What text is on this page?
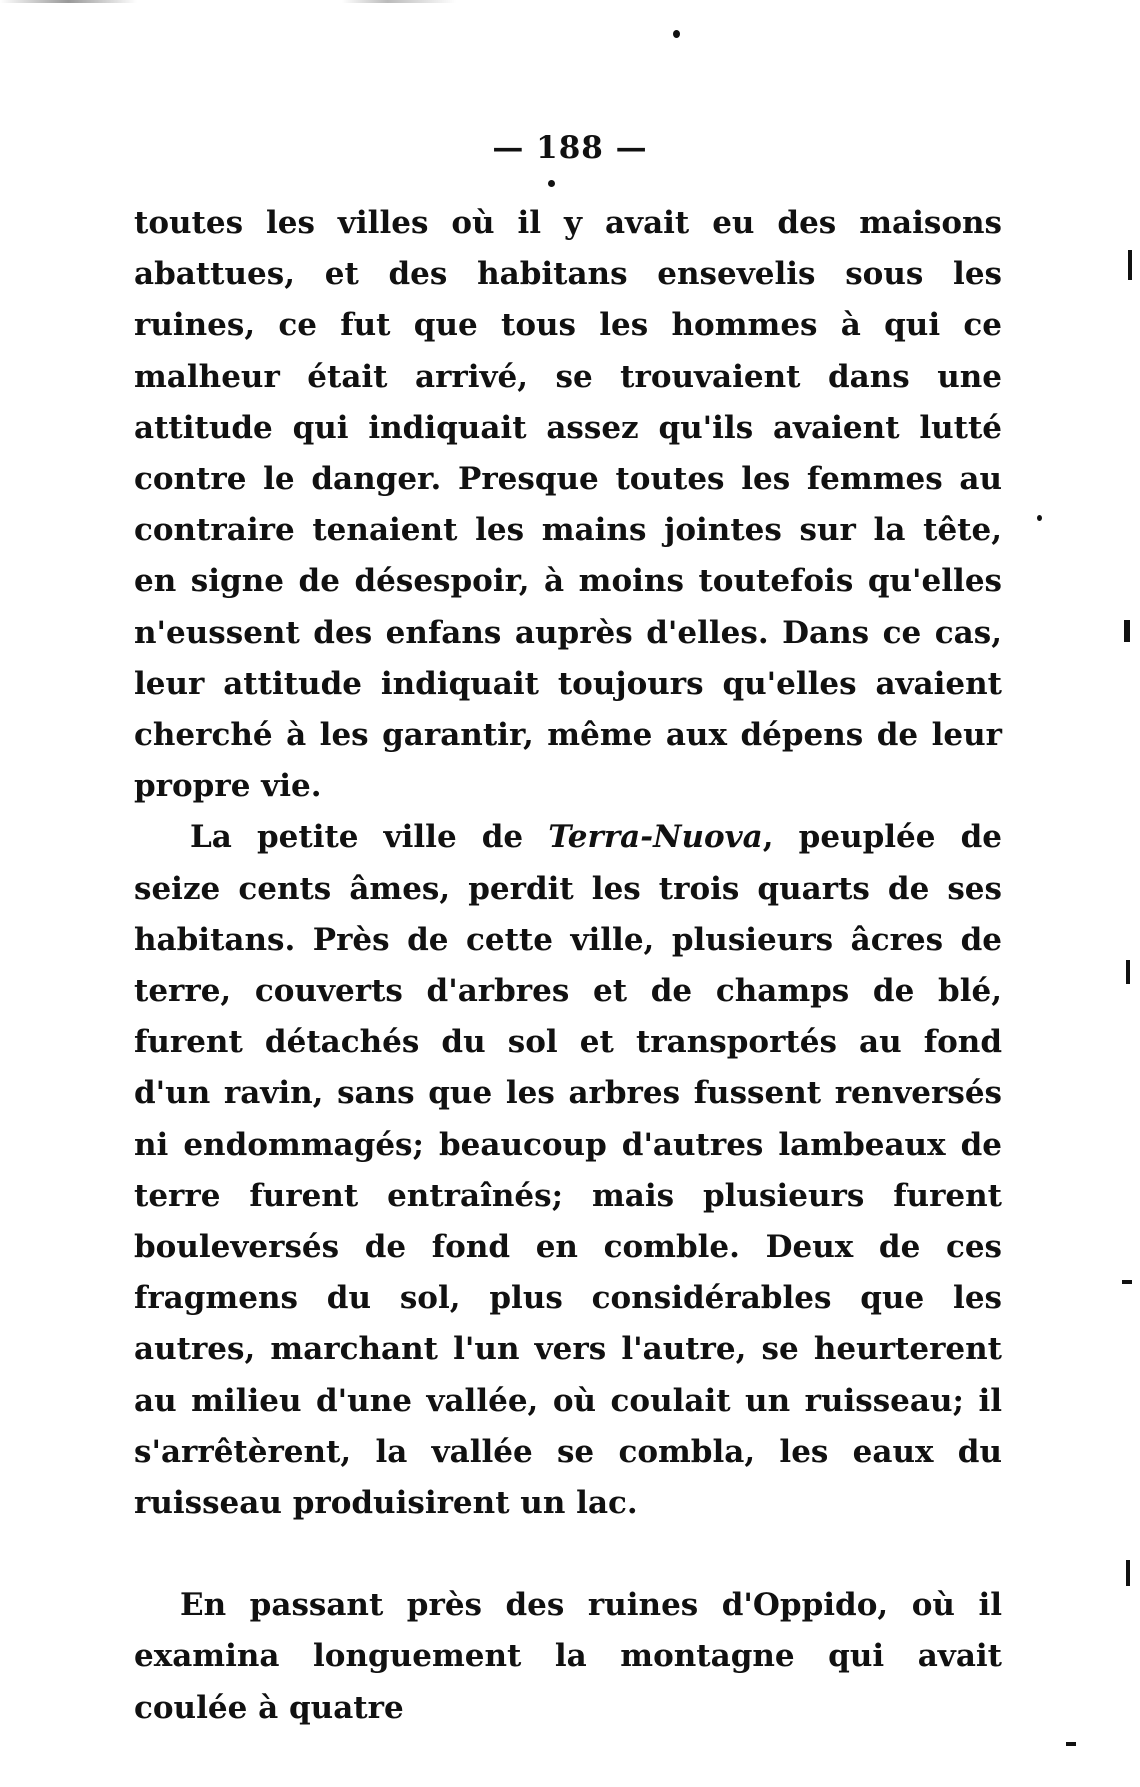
— 188 —

toutes les villes où il y avait eu des maisons abattues, et des habitans ensevelis sous les ruines, ce fut que tous les hommes à qui ce malheur était arrivé, se trouvaient dans une attitude qui indiquait assez qu'ils avaient lutté contre le danger. Presque toutes les femmes au contraire tenaient les mains jointes sur la tête, en signe de désespoir, à moins toutefois qu'elles n'eussent des enfans auprès d'elles. Dans ce cas, leur attitude indiquait toujours qu'elles avaient cherché à les garantir, même aux dépens de leur propre vie.

La petite ville de Terra-Nuova, peuplée de seize cents âmes, perdit les trois quarts de ses habitans. Près de cette ville, plusieurs âcres de terre, couverts d'arbres et de champs de blé, furent détachés du sol et transportés au fond d'un ravin, sans que les arbres fussent renversés ni endommagés; beaucoup d'autres lambeaux de terre furent entraînés; mais plusieurs furent bouleversés de fond en comble. Deux de ces fragmens du sol, plus considérables que les autres, marchant l'un vers l'autre, se heurterent au milieu d'une vallée, où coulait un ruisseau; il s'arrêtèrent, la vallée se combla, les eaux du ruisseau produisirent un lac.

En passant près des ruines d'Oppido, où il examina longuement la montagne qui avait coulée à quatre
